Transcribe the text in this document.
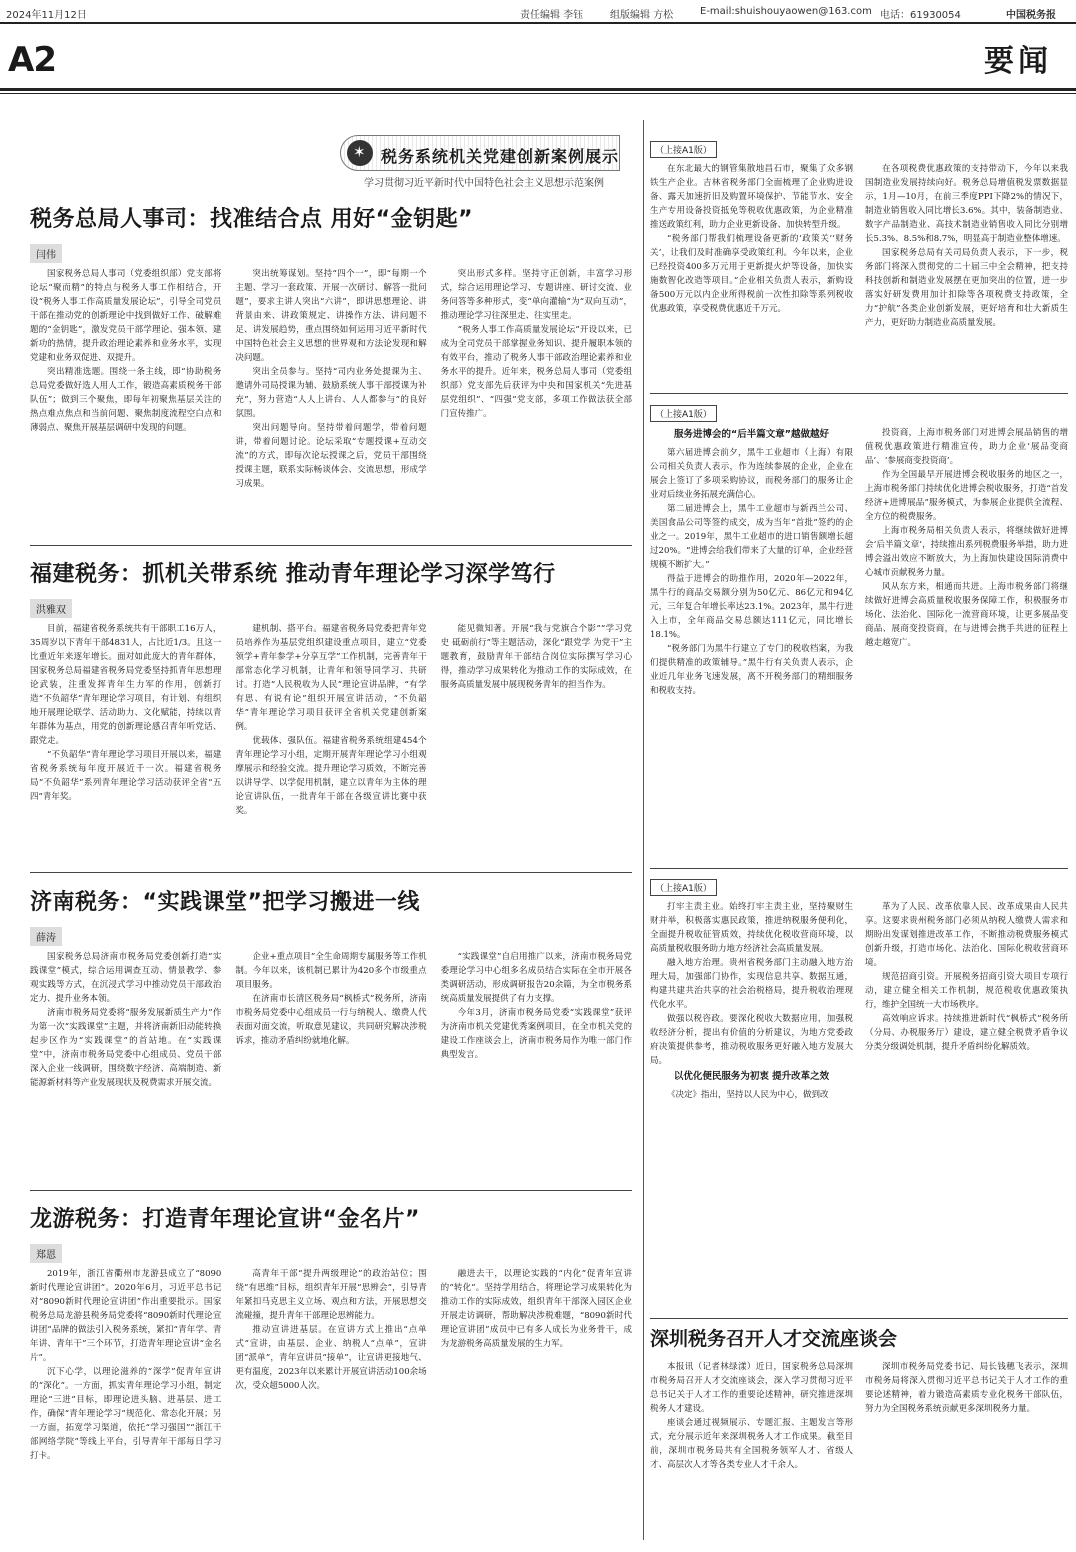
2024年11月12日	责任编辑 李钰	组版编辑 方松	E-mail:shuishouyaowen@163.com 电话：61930054	中国税务报
A2	要闻
✶
税务系统机关党建创新案例展示
学习贯彻习近平新时代中国特色社会主义思想示范案例
税务总局人事司：找准结合点 用好“金钥匙”
闫伟

国家税务总局人事司（党委组织部）党支部将论坛“聚而精”的特点与税务人事工作相结合，开设“税务人事工作高质量发展论坛”，引导全司党员干部在推动党的创新理论中找到做好工作、破解难题的“金钥匙”，激发党员干部学理论、强本领、建新功的热情，提升政治理论素养和业务水平，实现党建和业务双促进、双提升。

突出精准选题。围绕一条主线，即“协助税务总局党委做好选人用人工作，锻造高素质税务干部队伍”；做到三个聚焦，即每年初聚焦基层关注的热点难点焦点和当前问题、聚焦制度流程空白点和薄弱点、聚焦开展基层调研中发现的问题。

突出统筹谋划。坚持“四个一”，即“每期一个主题、学习一套政策、开展一次研讨、解答一批问题”，要求主讲人突出“六讲”，即讲思想理论、讲背景由来、讲政策规定、讲操作方法、讲问题不足、讲发展趋势，重点围绕如何运用习近平新时代中国特色社会主义思想的世界观和方法论发现和解决问题。

突出全员参与。坚持“司内业务处提课为主、邀请外司局授课为辅、鼓励系统人事干部授课为补充”，努力营造“人人上讲台、人人都参与”的良好氛围。

突出问题导向。坚持带着问题学，带着问题讲，带着问题讨论。论坛采取“专题授课+互动交流”的方式，即每次论坛授课之后，党员干部围绕授课主题，联系实际畅谈体会、交流思想，形成学习成果。

突出形式多样。坚持守正创新，丰富学习形式，综合运用理论学习、专题讲座、研讨交流、业务问答等多种形式，变“单向灌输”为“双向互动”，推动理论学习往深里走、往实里走。

“税务人事工作高质量发展论坛”开设以来，已成为全司党员干部掌握业务知识、提升履职本领的有效平台，推动了税务人事干部政治理论素养和业务水平的提升。近年来，税务总局人事司（党委组织部）党支部先后获评为中央和国家机关“先进基层党组织”、“四强”党支部，多项工作做法获全部门宣传推广。

福建税务：抓机关带系统 推动青年理论学习深学笃行
洪雅双

目前，福建省税务系统共有干部职工16万人，35周岁以下青年干部4831人，占比近1/3。且这一比重近年来逐年增长。面对如此庞大的青年群体，国家税务总局福建省税务局党委坚持抓青年思想理论武装，注重发挥青年生力军的作用，创新打造“不负韶华”青年理论学习项目，有计划、有组织地开展理论联学、活动助力、文化赋能，持续以青年群体为基点，用党的创新理论感召青年听党话、跟党走。

“不负韶华”青年理论学习项目开展以来，福建省税务系统每年度开展近千一次。福建省税务局“不负韶华”系列青年理论学习活动获评全省“五四”青年奖。

建机制、搭平台。福建省税务局党委把青年党员培养作为基层党组织建设重点项目，建立“党委领学+青年参学+分享互学”工作机制，完善青年干部常态化学习机制，让青年和领导同学习、共研讨。打造“人民税收为人民”理论宣讲品牌，“有学有思、有说有论”组织开展宣讲活动，“不负韶华”青年理论学习项目获评全省机关党建创新案例。

优载体、强队伍。福建省税务系统组建454个青年理论学习小组，定期开展青年理论学习小组观摩展示和经验交流。提升理论学习质效，不断完善以讲导学、以学促用机制，建立以青年为主体的理论宣讲队伍，一批青年干部在各级宣讲比赛中获奖。

能见微知著。开展“我与党旗合个影”“学习党史 砥砺前行”等主题活动，深化“跟党学 为党干”主题教育，鼓励青年干部结合岗位实际撰写学习心得，推动学习成果转化为推动工作的实际成效，在服务高质量发展中展现税务青年的担当作为。

济南税务：“实践课堂”把学习搬进一线
薛涛

国家税务总局济南市税务局党委创新打造“实践课堂”模式，综合运用调查互动、情景教学、参观实践等方式，在沉浸式学习中推动党员干部政治定力、提升业务本领。

济南市税务局党委将“服务发展新质生产力”作为第一次“实践课堂”主题，并将济南新旧动能转换起步区作为“实践课堂”的首站地。在“实践课堂”中，济南市税务局党委中心组成员、党员干部深入企业一线调研，围绕数字经济、高端制造、新能源新材料等产业发展现状及税费需求开展交流。

企业+重点项目”全生命周期专属服务等工作机制。今年以来，该机制已累计为420多个市级重点项目服务。

在济南市长清区税务局“枫桥式”税务所，济南市税务局党委中心组成员一行与纳税人、缴费人代表面对面交流，听取意见建议，共同研究解决涉税诉求，推动矛盾纠纷就地化解。

“实践课堂”自启用推广以来，济南市税务局党委理论学习中心组多名成员结合实际在全市开展各类调研活动，形成调研报告20余篇，为全市税务系统高质量发展提供了有力支撑。

今年3月，济南市税务局党委“实践课堂”获评为济南市机关党建优秀案例项目，在全市机关党的建设工作座谈会上，济南市税务局作为唯一部门作典型发言。

龙游税务：打造青年理论宣讲“金名片”
郑恩

2019年，浙江省衢州市龙游县成立了“8090新时代理论宣讲团”。2020年6月，习近平总书记对“8090新时代理论宣讲团”作出重要批示。国家税务总局龙游县税务局党委将“8090新时代理论宣讲团”品牌的做法引入税务系统，紧扣“青年学、青年讲、青年干”三个环节，打造青年理论宣讲“金名片”。

沉下心学，以理论滋养的“深学”促青年宣讲的“深化”。一方面，抓实青年理论学习小组，制定理论“三进”目标，即理论进头脑、进基层、进工作，确保“青年理论学习”规范化、常态化开展；另一方面，拓宽学习渠道，依托“学习强国”“浙江干部网络学院”等线上平台，引导青年干部每日学习打卡。

高青年干部“提升两级理论”的政治站位；围绕“有思维”目标，组织青年开展“思辨会”，引导青年紧扣马克思主义立场、观点和方法，开展思想交流碰撞，提升青年干部理论思辨能力。

推动宣讲进基层。在宣讲方式上推出“点单式”宣讲，由基层、企业、纳税人“点单”，宣讲团“派单”，青年宣讲员“接单”，让宣讲更接地气、更有温度，2023年以来累计开展宣讲活动100余场次，受众超5000人次。

融进去干，以理论实践的“内化”促青年宣讲的“转化”。坚持学用结合，将理论学习成果转化为推动工作的实际成效，组织青年干部深入园区企业开展走访调研，帮助解决涉税难题，“8090新时代理论宣讲团”成员中已有多人成长为业务骨干，成为龙游税务高质量发展的生力军。

（上接A1版）

在东北最大的钢管集散地昌石市，聚集了众多钢铁生产企业。吉林省税务部门全面梳理了企业购进设备、露天加速折旧及购置环境保护、节能节水、安全生产专用设备投资抵免等税收优惠政策，为企业精准推送政策红利，助力企业更新设备、加快转型升级。

“税务部门帮我们梳理设备更新的‘政策关’‘财务关’，让我们及时准确享受政策红利。今年以来，企业已经投资400多万元用于更新提火炉等设备，加快实施数智化改造等项目。”企业相关负责人表示，新购设备500万元以内企业所得税前一次性扣除等系列税收优惠政策，享受税费优惠近千万元。

在各项税费优惠政策的支持带动下，今年以来我国制造业发展持续向好。税务总局增值税发票数据显示，1月—10月，在前三季度PPI下降2%的情况下，制造业销售收入同比增长3.6%。其中，装备制造业、数字产品制造业、高技术制造业销售收入同比分别增长5.3%、8.5%和8.7%，明显高于制造业整体增速。

国家税务总局有关司局负责人表示，下一步，税务部门将深入贯彻党的二十届三中全会精神，把支持科技创新和制造业发展摆在更加突出的位置，进一步落实好研发费用加计扣除等各项税费支持政策，全力“护航”各类企业创新发展，更好培育和壮大新质生产力，更好助力制造业高质量发展。

（上接A1版）
服务进博会的“后半篇文章”越做越好

第六届进博会前夕，黑牛工业超市（上海）有限公司相关负责人表示，作为连续参展的企业，企业在展会上签订了多项采购协议，而税务部门的服务让企业对后续业务拓展充满信心。

第二届进博会上，黑牛工业超市与新西兰公司、美国食品公司等签约成交，成为当年“首批”签约的企业之一。2019年，黑牛工业超市的进口销售额增长超过20%。“进博会给我们带来了大量的订单，企业经营规模不断扩大。”

得益于进博会的助推作用，2020年—2022年，黑牛行的商品交易额分别为50亿元、86亿元和94亿元，三年复合年增长率达23.1%。2023年，黑牛行进入上市，全年商品交易总额达111亿元，同比增长18.1%。

“税务部门为黑牛行建立了专门的税收档案，为我们提供精准的政策辅导。”黑牛行有关负责人表示，企业近几年业务飞速发展，离不开税务部门的精细服务和税收支持。

投资商，上海市税务部门对进博会展品销售的增值税优惠政策进行精准宣传，助力企业‘展品变商品’、‘参展商变投资商’。

作为全国最早开展进博会税收服务的地区之一，上海市税务部门持续优化进博会税收服务，打造“首发经济+进博展品”服务模式，为参展企业提供全流程、全方位的税费服务。

上海市税务局相关负责人表示，将继续做好进博会‘后半篇文章’，持续推出系列税费服务举措，助力进博会溢出效应不断放大，为上海加快建设国际消费中心城市贡献税务力量。

风从东方来，相通而共进。上海市税务部门将继续做好进博会高质量税收服务保障工作，积极服务市场化、法治化、国际化一流营商环境，让更多展品变商品、展商变投资商，在与进博会携手共进的征程上越走越宽广。

（上接A1版）

打牢主责主业。始终打牢主责主业，坚持聚财生财并举，积极落实惠民政策，推进纳税服务便利化，全面提升税收征管质效，持续优化税收营商环境，以高质量税收服务助力地方经济社会高质量发展。

融入地方治理。贵州省税务部门主动融入地方治理大局，加强部门协作，实现信息共享、数据互通，构建共建共治共享的社会治税格局，提升税收治理现代化水平。

做强以税咨政。要深化税收大数据应用，加强税收经济分析，提出有价值的分析建议，为地方党委政府决策提供参考，推动税收服务更好融入地方发展大局。

以优化便民服务为初衷 提升改革之效

《决定》指出，坚持以人民为中心，做到改

革为了人民、改革依靠人民、改革成果由人民共享。这要求贵州税务部门必须从纳税人缴费人需求和期盼出发谋划推进改革工作，不断推动税费服务模式创新升级，打造市场化、法治化、国际化税收营商环境。

规范招商引资。开展税务招商引资大项目专项行动，建立健全相关工作机制，规范税收优惠政策执行，维护全国统一大市场秩序。

高效响应诉求。持续推进新时代“枫桥式”税务所（分局、办税服务厅）建设，建立健全税费矛盾争议分类分级调处机制，提升矛盾纠纷化解质效。

深圳税务召开人才交流座谈会

本报讯（记者林绿漾）近日，国家税务总局深圳市税务局召开人才交流座谈会，深入学习贯彻习近平总书记关于人才工作的重要论述精神，研究推进深圳税务人才建设。

座谈会通过视频展示、专题汇报、主题发言等形式，充分展示近年来深圳税务人才工作成果。截至目前，深圳市税务局共有全国税务领军人才、省级人才、高层次人才等各类专业人才千余人。

深圳市税务局党委书记、局长钱穗飞表示，深圳市税务局将深入贯彻习近平总书记关于人才工作的重要论述精神，着力锻造高素质专业化税务干部队伍，努力为全国税务系统贡献更多深圳税务力量。
